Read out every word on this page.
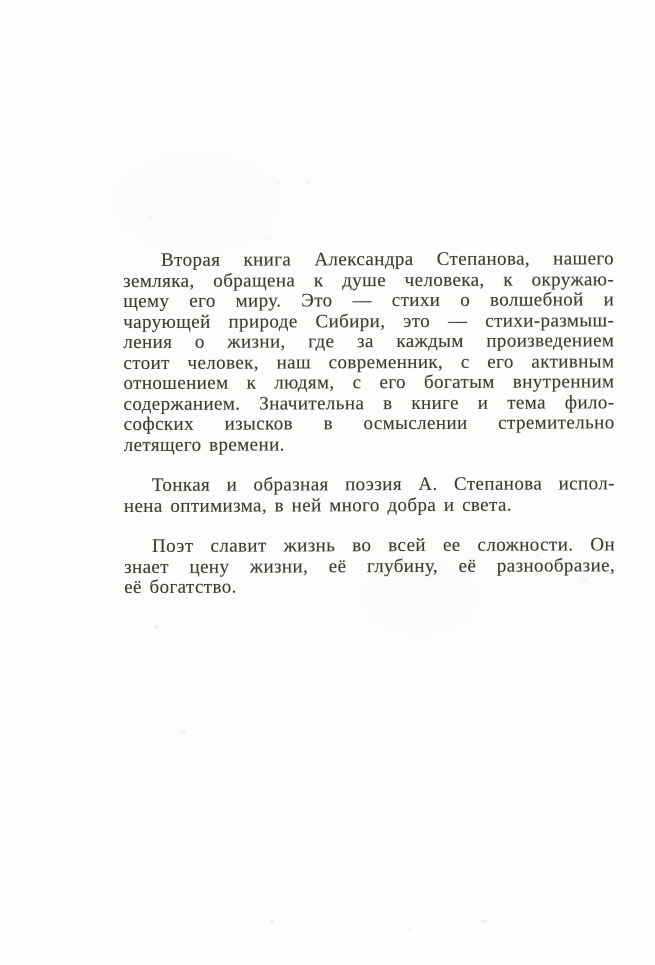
Вторая книга Александра Степанова, нашего
земляка, обращена к душе человека, к окружаю-
щему его миру. Это — стихи о волшебной и
чарующей природе Сибири, это — стихи-размыш-
ления о жизни, где за каждым произведением
стоит человек, наш современник, с его активным
отношением к людям, с его богатым внутренним
содержанием. Значительна в книге и тема фило-
софских изысков в осмыслении стремительно
летящего времени.
Тонкая и образная поэзия А. Степанова испол-
нена оптимизма, в ней много добра и света.
Поэт славит жизнь во всей ее сложности. Он
знает цену жизни, её глубину, её разнообразие,
её богатство.
